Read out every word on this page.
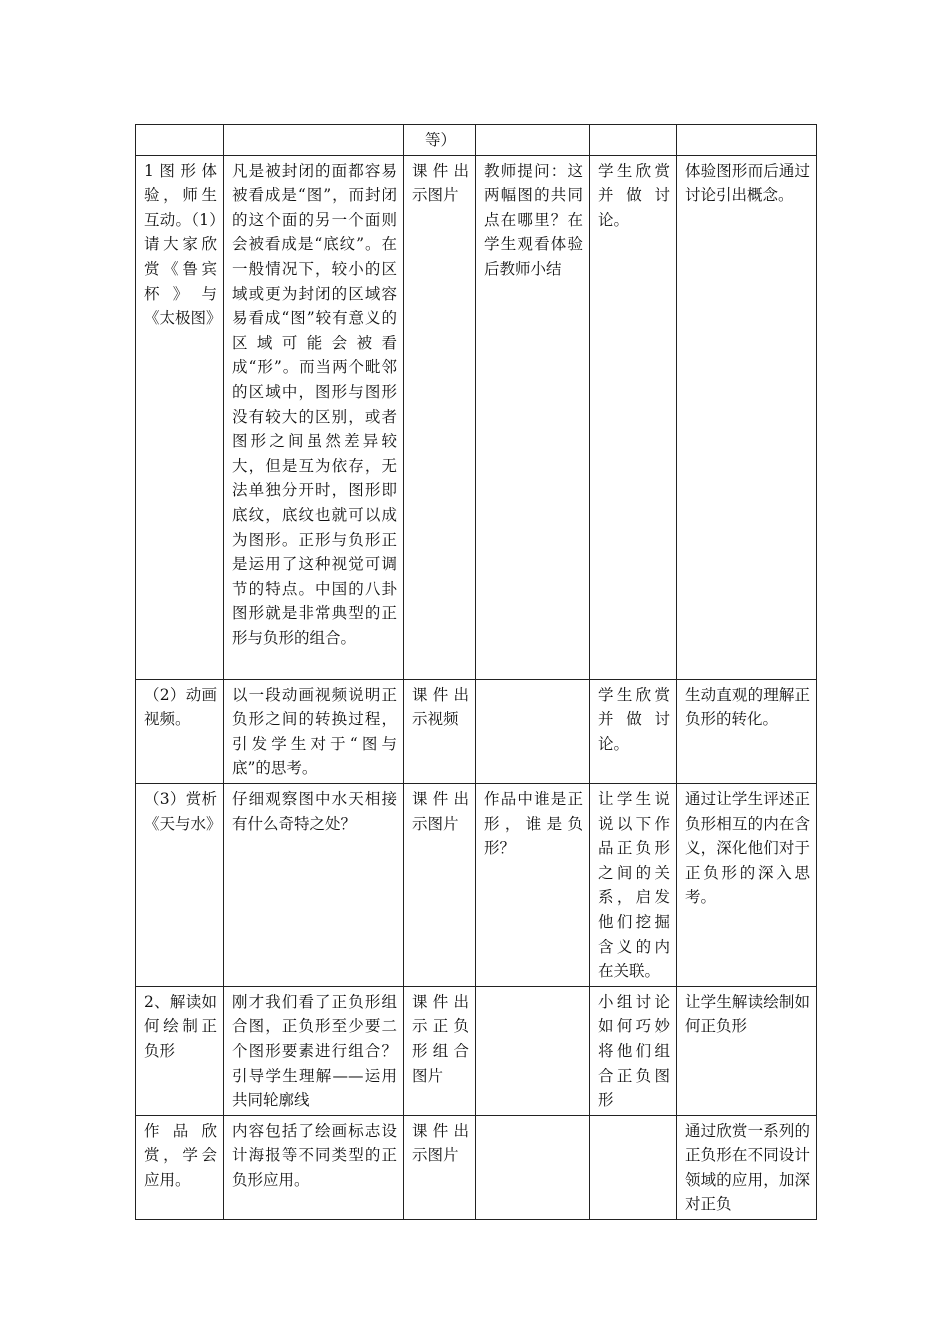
		等）			
1图形体验，师生互动。（1）请大家欣赏《鲁宾杯》与《太极图》	凡是被封闭的面都容易被看成是“图”，而封闭的这个面的另一个面则会被看成是“底纹”。在一般情况下，较小的区域或更为封闭的区域容易看成“图”较有意义的区域可能会被看成“形”。而当两个毗邻的区域中，图形与图形没有较大的区别，或者图形之间虽然差异较大，但是互为依存，无法单独分开时，图形即底纹，底纹也就可以成为图形。正形与负形正是运用了这种视觉可调节的特点。中国的八卦图形就是非常典型的正形与负形的组合。	课件出示图片	教师提问：这两幅图的共同点在哪里？在学生观看体验后教师小结	学生欣赏并做讨论。	体验图形而后通过讨论引出概念。
（2）动画视频。	以一段动画视频说明正负形之间的转换过程，引发学生对于“图与底”的思考。	课件出示视频		学生欣赏并做讨论。	生动直观的理解正负形的转化。
（3）赏析《天与水》	仔细观察图中水天相接有什么奇特之处？	课件出示图片	作品中谁是正形，谁是负形？	让学生说说以下作品正负形之间的关系，启发他们挖掘含义的内在关联。	通过让学生评述正负形相互的内在含义，深化他们对于正负形的深入思考。
2、解读如何绘制正负形	刚才我们看了正负形组合图，正负形至少要二个图形要素进行组合？引导学生理解——运用共同轮廓线	课件出示正负形组合图片		小组讨论如何巧妙将他们组合正负图形	让学生解读绘制如何正负形
作品欣赏，学会应用。	内容包括了绘画标志设计海报等不同类型的正负形应用。	课件出示图片			通过欣赏一系列的正负形在不同设计领域的应用，加深对正负
